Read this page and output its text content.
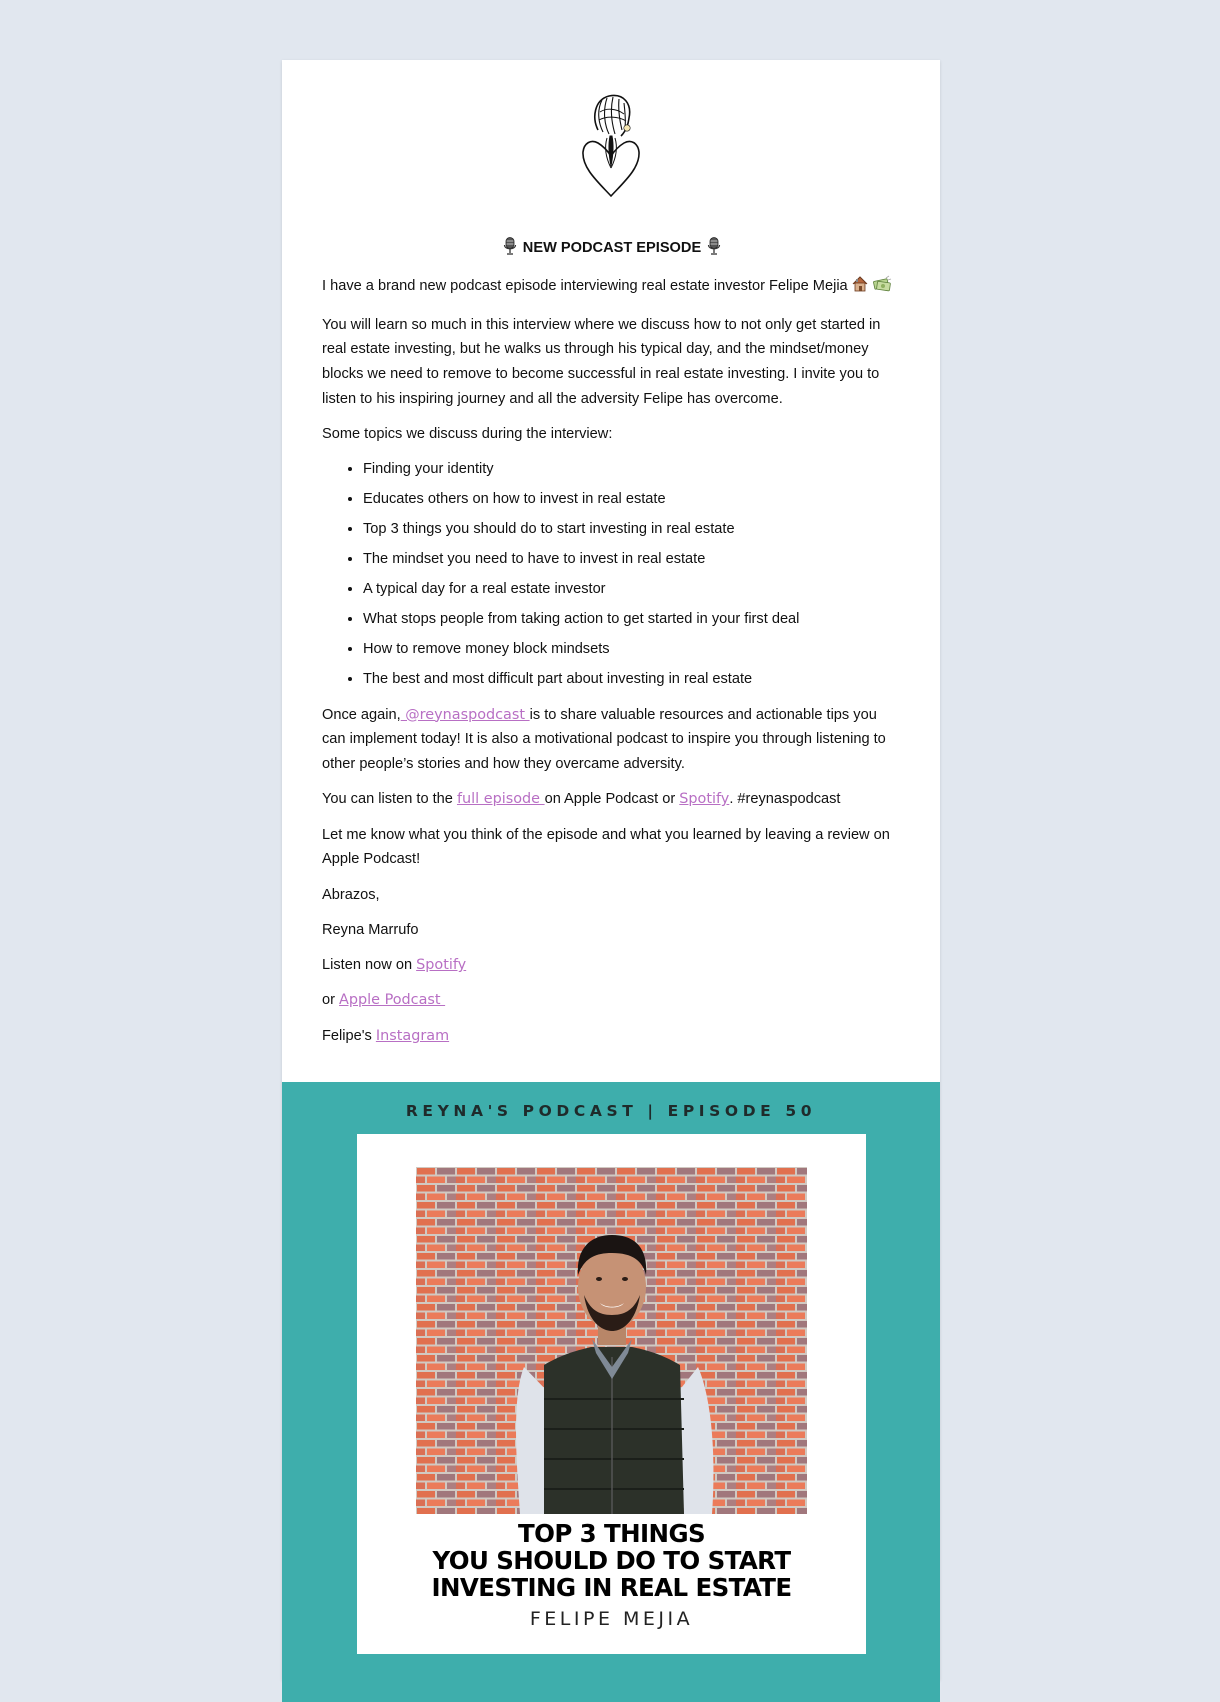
NEW PODCAST EPISODE

I have a brand new podcast episode interviewing real estate investor Felipe Mejia

You will learn so much in this interview where we discuss how to not only get started in real estate investing, but he walks us through his typical day, and the mindset/money blocks we need to remove to become successful in real estate investing. I invite you to listen to his inspiring journey and all the adversity Felipe has overcome.

Some topics we discuss during the interview:

• Finding your identity
• Educates others on how to invest in real estate
• Top 3 things you should do to start investing in real estate
• The mindset you need to have to invest in real estate
• A typical day for a real estate investor
• What stops people from taking action to get started in your first deal
• How to remove money block mindsets
• The best and most difficult part about investing in real estate

Once again, @reynaspodcast is to share valuable resources and actionable tips you can implement today! It is also a motivational podcast to inspire you through listening to other people’s stories and how they overcame adversity.

You can listen to the full episode on Apple Podcast or Spotify. #reynaspodcast

Let me know what you think of the episode and what you learned by leaving a review on Apple Podcast!

Abrazos,

Reyna Marrufo

Listen now on Spotify

or Apple Podcast

Felipe's Instagram

REYNA'S PODCAST | EPISODE 50
TOP 3 THINGS
YOU SHOULD DO TO START
INVESTING IN REAL ESTATE
FELIPE MEJIA
